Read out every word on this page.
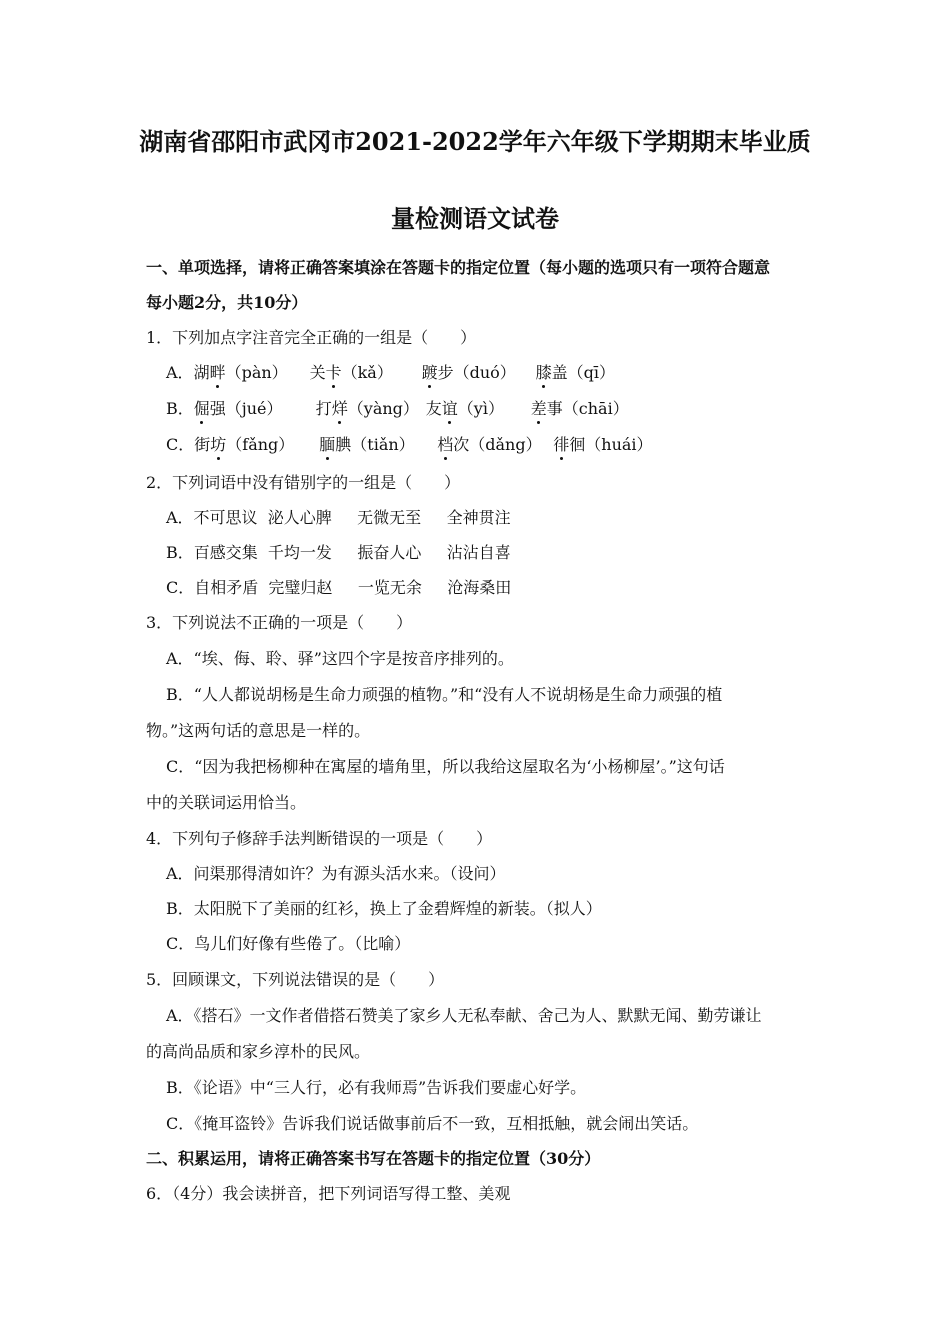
湖南省邵阳市武冈市2021-2022学年六年级下学期期末毕业质
量检测语文试卷
一、单项选择，请将正确答案填涂在答题卡的指定位置（每小题的选项只有一项符合题意
每小题2分，共10分）
1．下列加点字注音完全正确的一组是（　　）
A．湖畔（pàn） 关卡（kǎ） 踱步（duó） 膝盖（qī）
B．倔强（jué） 打烊（yàng） 友谊（yì） 差事（chāi）
C．街坊（fǎng） 腼腆（tiǎn） 档次（dǎng） 徘徊（huái）
2．下列词语中没有错别字的一组是（　　）
A．不可思议  泌人心脾     无微无至     全神贯注
B．百感交集  千均一发     振奋人心     沾沾自喜
C．自相矛盾  完璧归赵     一览无余     沧海桑田
3．下列说法不正确的一项是（　　）
A．“埃、侮、聆、驿”这四个字是按音序排列的。
B．“人人都说胡杨是生命力顽强的植物。”和“没有人不说胡杨是生命力顽强的植
物。”这两句话的意思是一样的。
C．“因为我把杨柳种在寓屋的墙角里，所以我给这屋取名为‘小杨柳屋’。”这句话
中的关联词运用恰当。
4．下列句子修辞手法判断错误的一项是（　　）
A．问渠那得清如许？为有源头活水来。（设问）
B．太阳脱下了美丽的红衫，换上了金碧辉煌的新装。（拟人）
C．鸟儿们好像有些倦了。（比喻）
5．回顾课文，下列说法错误的是（　　）
A．《搭石》一文作者借搭石赞美了家乡人无私奉献、舍己为人、默默无闻、勤劳谦让
的高尚品质和家乡淳朴的民风。
B．《论语》中“三人行，必有我师焉”告诉我们要虚心好学。
C．《掩耳盗铃》告诉我们说话做事前后不一致，互相抵触，就会闹出笑话。
二、积累运用，请将正确答案书写在答题卡的指定位置（30分）
6．（4分）我会读拼音，把下列词语写得工整、美观
